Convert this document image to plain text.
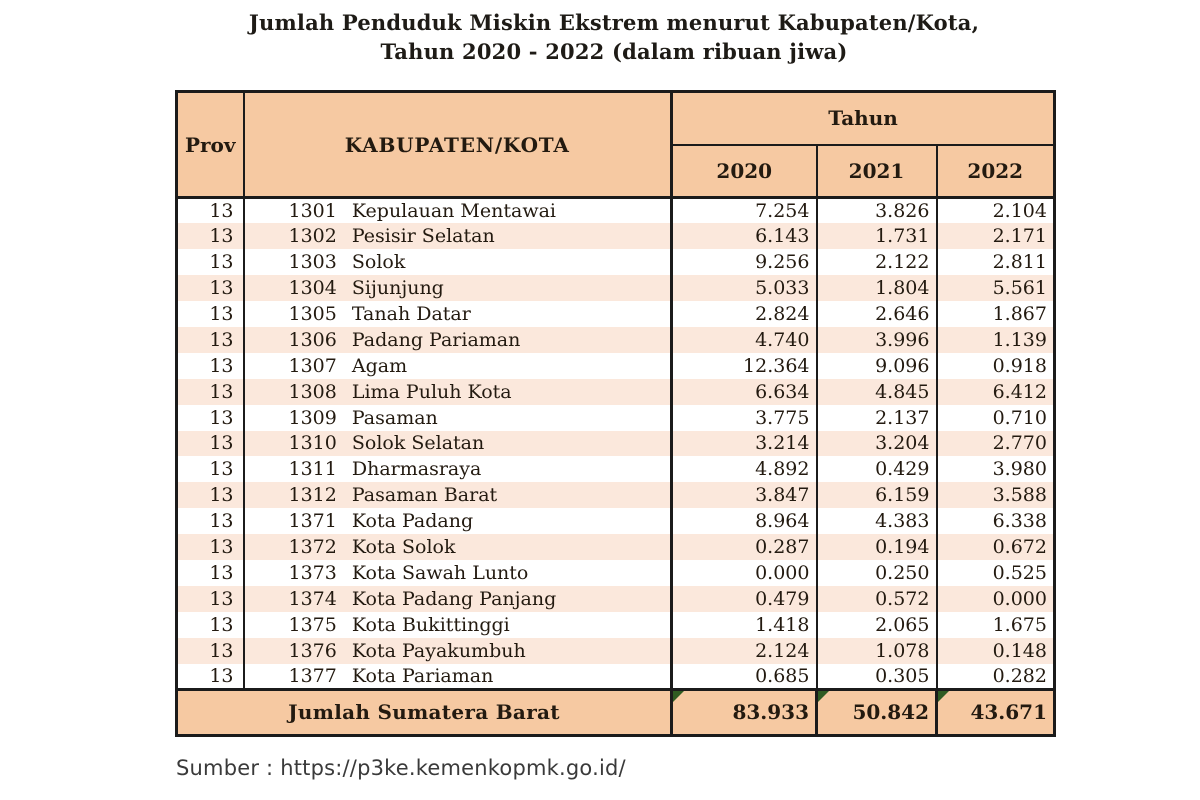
Jumlah Penduduk Miskin Ekstrem menurut Kabupaten/Kota,
Tahun 2020 - 2022 (dalam ribuan jiwa)
Prov	KABUPATEN/KOTA	Tahun		
		2020	2021	2022
13	1301 Kepulauan Mentawai	7.254	3.826	2.104
13	1302 Pesisir Selatan	6.143	1.731	2.171
13	1303 Solok	9.256	2.122	2.811
13	1304 Sijunjung	5.033	1.804	5.561
13	1305 Tanah Datar	2.824	2.646	1.867
13	1306 Padang Pariaman	4.740	3.996	1.139
13	1307 Agam	12.364	9.096	0.918
13	1308 Lima Puluh Kota	6.634	4.845	6.412
13	1309 Pasaman	3.775	2.137	0.710
13	1310 Solok Selatan	3.214	3.204	2.770
13	1311 Dharmasraya	4.892	0.429	3.980
13	1312 Pasaman Barat	3.847	6.159	3.588
13	1371 Kota Padang	8.964	4.383	6.338
13	1372 Kota Solok	0.287	0.194	0.672
13	1373 Kota Sawah Lunto	0.000	0.250	0.525
13	1374 Kota Padang Panjang	0.479	0.572	0.000
13	1375 Kota Bukittinggi	1.418	2.065	1.675
13	1376 Kota Payakumbuh	2.124	1.078	0.148
13	1377 Kota Pariaman	0.685	0.305	0.282
Jumlah Sumatera Barat		83.933	50.842	43.671
Sumber : https://p3ke.kemenkopmk.go.id/
